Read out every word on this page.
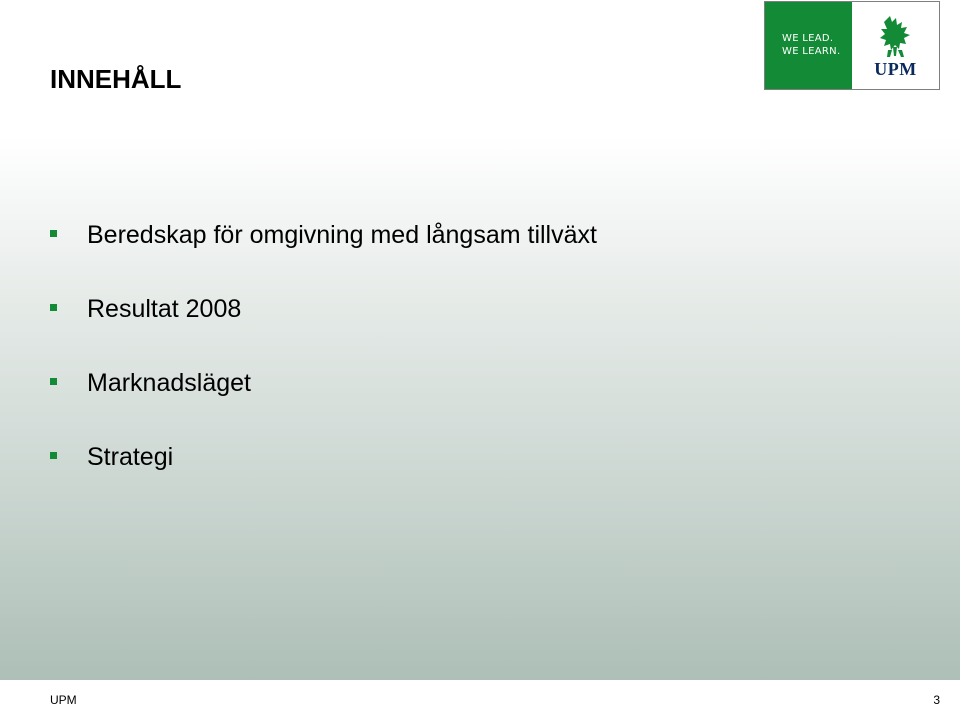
INNEHÅLL
WE LEAD.
WE LEARN.
UPM
Beredskap för omgivning med långsam tillväxt
Resultat 2008
Marknadsläget
Strategi
UPM	3
